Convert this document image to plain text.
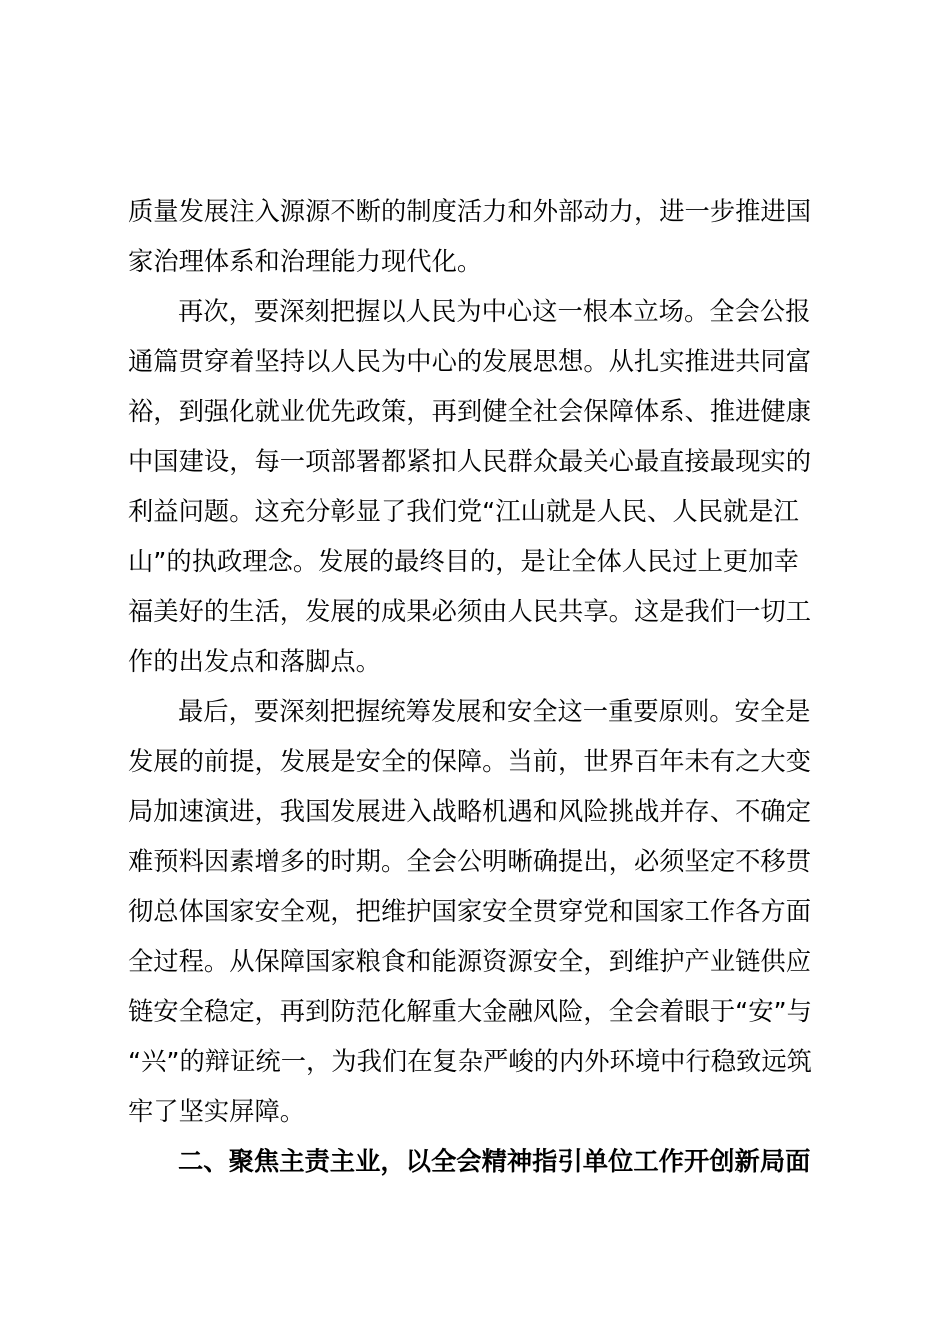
质量发展注入源源不断的制度活力和外部动力，进一步推进国
家治理体系和治理能力现代化。
再次，要深刻把握以人民为中心这一根本立场。全会公报
通篇贯穿着坚持以人民为中心的发展思想。从扎实推进共同富
裕，到强化就业优先政策，再到健全社会保障体系、推进健康
中国建设，每一项部署都紧扣人民群众最关心最直接最现实的
利益问题。这充分彰显了我们党“江山就是人民、人民就是江
山”的执政理念。发展的最终目的，是让全体人民过上更加幸
福美好的生活，发展的成果必须由人民共享。这是我们一切工
作的出发点和落脚点。
最后，要深刻把握统筹发展和安全这一重要原则。安全是
发展的前提，发展是安全的保障。当前，世界百年未有之大变
局加速演进，我国发展进入战略机遇和风险挑战并存、不确定
难预料因素增多的时期。全会公明晰确提出，必须坚定不移贯
彻总体国家安全观，把维护国家安全贯穿党和国家工作各方面
全过程。从保障国家粮食和能源资源安全，到维护产业链供应
链安全稳定，再到防范化解重大金融风险，全会着眼于“安”与
“兴”的辩证统一，为我们在复杂严峻的内外环境中行稳致远筑
牢了坚实屏障。
二、聚焦主责主业，以全会精神指引单位工作开创新局面
